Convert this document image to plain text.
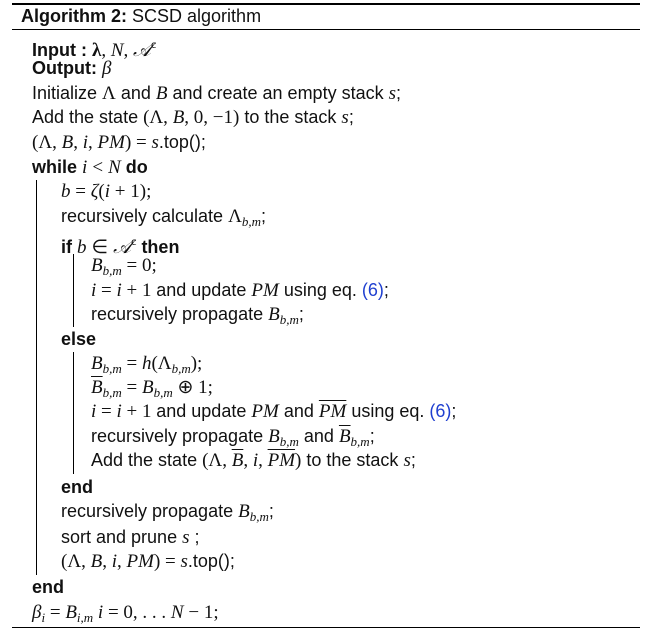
Algorithm 2: SCSD algorithm
Input : λ, N, 𝒜$^c$
Output: β
Initialize Λ and B and create an empty stack s;
Add the state (Λ, B, 0, −1) to the stack s;
(Λ, B, i, PM) = s.top();
while i < N do
b = ζ(i + 1);
recursively calculate $\Lambda_{b,m}$;
if b ∈ 𝒜$^c$ then
$B_{b,m} = 0$;
i = i + 1 and update PM using eq. (6);
recursively propagate $B_{b,m}$;
else
$B_{b,m} = h(\Lambda_{b,m})$;
$\overline{B}_{b,m} = B_{b,m}$ ⊕ 1;
i = i + 1 and update PM and $\overline{PM}$ using eq. (6);
recursively propagate $B_{b,m}$ and $\overline{B}_{b,m}$;
Add the state (Λ, $\overline{B}$, i, $\overline{PM}$) to the stack s;
end
recursively propagate $B_{b,m}$;
sort and prune s ;
(Λ, B, i, PM) = s.top();
end
$\beta_i = B_{i,m}$ i = 0, . . . N − 1;
